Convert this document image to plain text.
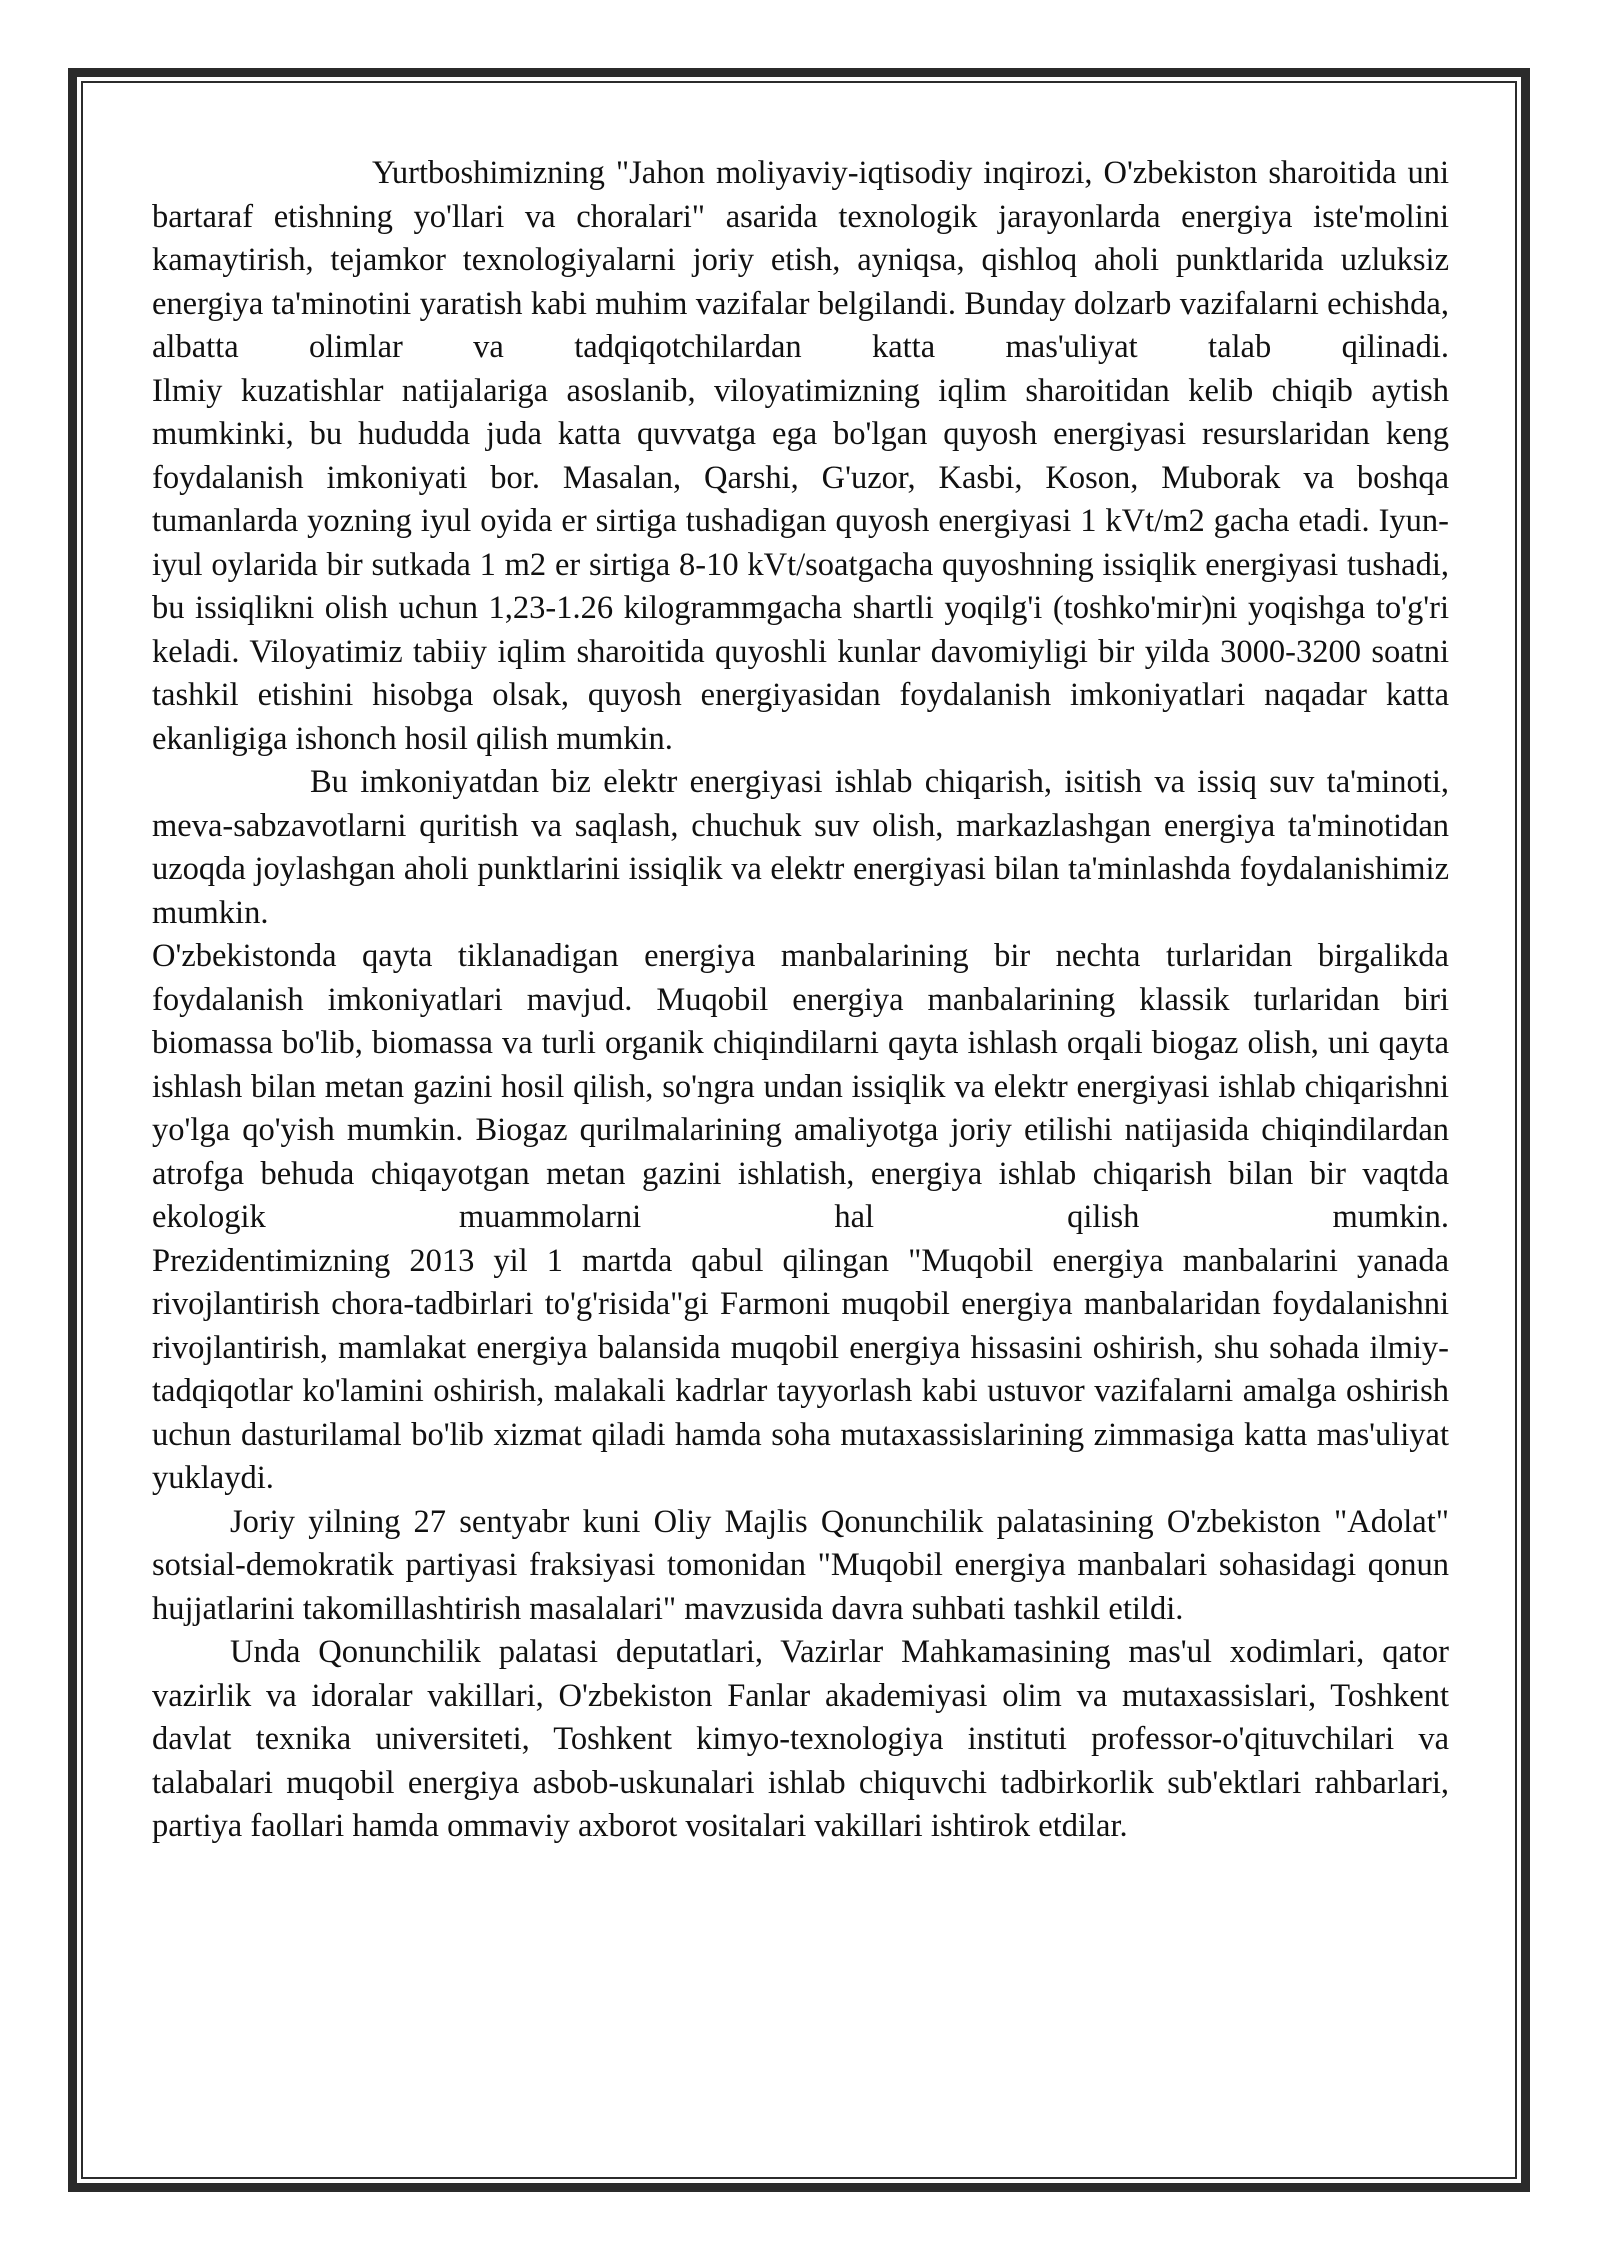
Yurtboshimizning "Jahon moliyaviy-iqtisodiy inqirozi, O'zbekiston sharoitida uni bartaraf etishning yo'llari va choralari" asarida texnologik jarayonlarda energiya iste'molini kamaytirish, tejamkor texnologiyalarni joriy etish, ayniqsa, qishloq aholi punktlarida uzluksiz energiya ta'minotini yaratish kabi muhim vazifalar belgilandi. Bunday dolzarb vazifalarni echishda, albatta olimlar va tadqiqotchilardan katta mas'uliyat talab qilinadi.

Ilmiy kuzatishlar natijalariga asoslanib, viloyatimizning iqlim sharoitidan kelib chiqib aytish mumkinki, bu hududda juda katta quvvatga ega bo'lgan quyosh energiyasi resurslaridan keng foydalanish imkoniyati bor. Masalan, Qarshi, G'uzor, Kasbi, Koson, Muborak va boshqa tumanlarda yozning iyul oyida er sirtiga tushadigan quyosh energiyasi 1 kVt/m2 gacha etadi. Iyun-iyul oylarida bir sutkada 1 m2 er sirtiga 8-10 kVt/soatgacha quyoshning issiqlik energiyasi tushadi, bu issiqlikni olish uchun 1,23-1.26 kilogrammgacha shartli yoqilg'i (toshko'mir)ni yoqishga to'g'ri keladi. Viloyatimiz tabiiy iqlim sharoitida quyoshli kunlar davomiyligi bir yilda 3000-3200 soatni tashkil etishini hisobga olsak, quyosh energiyasidan foydalanish imkoniyatlari naqadar katta ekanligiga ishonch hosil qilish mumkin.

Bu imkoniyatdan biz elektr energiyasi ishlab chiqarish, isitish va issiq suv ta'minoti, meva-sabzavotlarni quritish va saqlash, chuchuk suv olish, markazlashgan energiya ta'minotidan uzoqda joylashgan aholi punktlarini issiqlik va elektr energiyasi bilan ta'minlashda foydalanishimiz mumkin.

O'zbekistonda qayta tiklanadigan energiya manbalarining bir nechta turlaridan birgalikda foydalanish imkoniyatlari mavjud. Muqobil energiya manbalarining klassik turlaridan biri biomassa bo'lib, biomassa va turli organik chiqindilarni qayta ishlash orqali biogaz olish, uni qayta ishlash bilan metan gazini hosil qilish, so'ngra undan issiqlik va elektr energiyasi ishlab chiqarishni yo'lga qo'yish mumkin. Biogaz qurilmalarining amaliyotga joriy etilishi natijasida chiqindilardan atrofga behuda chiqayotgan metan gazini ishlatish, energiya ishlab chiqarish bilan bir vaqtda ekologik muammolarni hal qilish mumkin.

Prezidentimizning 2013 yil 1 martda qabul qilingan "Muqobil energiya manbalarini yanada rivojlantirish chora-tadbirlari to'g'risida"gi Farmoni muqobil energiya manbalaridan foydalanishni rivojlantirish, mamlakat energiya balansida muqobil energiya hissasini oshirish, shu sohada ilmiy-tadqiqotlar ko'lamini oshirish, malakali kadrlar tayyorlash kabi ustuvor vazifalarni amalga oshirish uchun dasturilamal bo'lib xizmat qiladi hamda soha mutaxassislarining zimmasiga katta mas'uliyat yuklaydi.

Joriy yilning 27 sentyabr kuni Oliy Majlis Qonunchilik palatasining O'zbekiston "Adolat" sotsial-demokratik partiyasi fraksiyasi tomonidan "Muqobil energiya manbalari sohasidagi qonun hujjatlarini takomillashtirish masalalari" mavzusida davra suhbati tashkil etildi.

Unda Qonunchilik palatasi deputatlari, Vazirlar Mahkamasining mas'ul xodimlari, qator vazirlik va idoralar vakillari, O'zbekiston Fanlar akademiyasi olim va mutaxassislari, Toshkent davlat texnika universiteti, Toshkent kimyo-texnologiya instituti professor-o'qituvchilari va talabalari muqobil energiya asbob-uskunalari ishlab chiquvchi tadbirkorlik sub'ektlari rahbarlari, partiya faollari hamda ommaviy axborot vositalari vakillari ishtirok etdilar.
